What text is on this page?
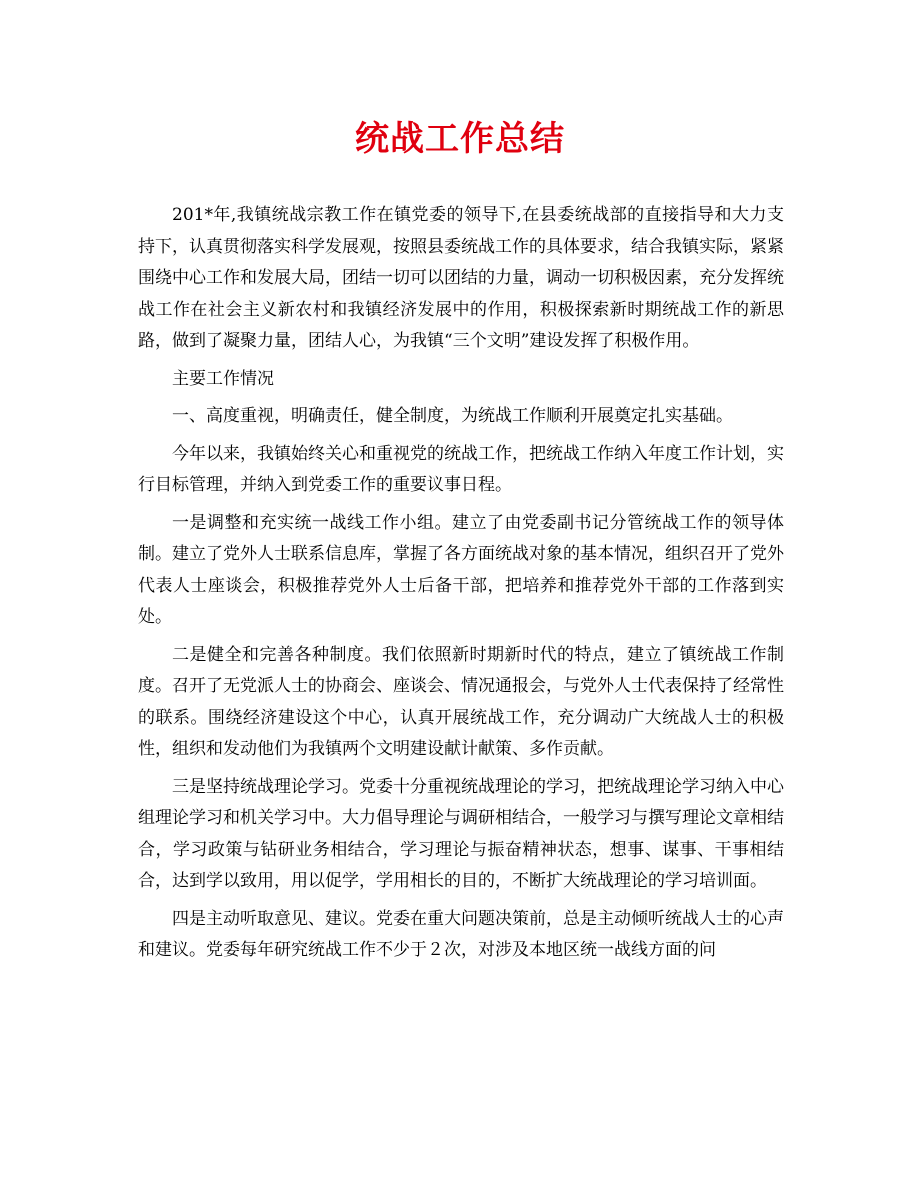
统战工作总结

201*年,我镇统战宗教工作在镇党委的领导下,在县委统战部的直接指导和大力支持下，认真贯彻落实科学发展观，按照县委统战工作的具体要求，结合我镇实际，紧紧围绕中心工作和发展大局，团结一切可以团结的力量，调动一切积极因素，充分发挥统战工作在社会主义新农村和我镇经济发展中的作用，积极探索新时期统战工作的新思路，做到了凝聚力量，团结人心，为我镇“三个文明”建设发挥了积极作用。

主要工作情况

一、高度重视，明确责任，健全制度，为统战工作顺利开展奠定扎实基础。

今年以来，我镇始终关心和重视党的统战工作，把统战工作纳入年度工作计划，实行目标管理，并纳入到党委工作的重要议事日程。

一是调整和充实统一战线工作小组。建立了由党委副书记分管统战工作的领导体制。建立了党外人士联系信息库，掌握了各方面统战对象的基本情况，组织召开了党外代表人士座谈会，积极推荐党外人士后备干部，把培养和推荐党外干部的工作落到实处。

二是健全和完善各种制度。我们依照新时期新时代的特点，建立了镇统战工作制度。召开了无党派人士的协商会、座谈会、情况通报会，与党外人士代表保持了经常性的联系。围绕经济建设这个中心，认真开展统战工作，充分调动广大统战人士的积极性，组织和发动他们为我镇两个文明建设献计献策、多作贡献。

三是坚持统战理论学习。党委十分重视统战理论的学习，把统战理论学习纳入中心组理论学习和机关学习中。大力倡导理论与调研相结合，一般学习与撰写理论文章相结合，学习政策与钻研业务相结合，学习理论与振奋精神状态，想事、谋事、干事相结合，达到学以致用，用以促学，学用相长的目的，不断扩大统战理论的学习培训面。

四是主动听取意见、建议。党委在重大问题决策前，总是主动倾听统战人士的心声和建议。党委每年研究统战工作不少于２次，对涉及本地区统一战线方面的问
